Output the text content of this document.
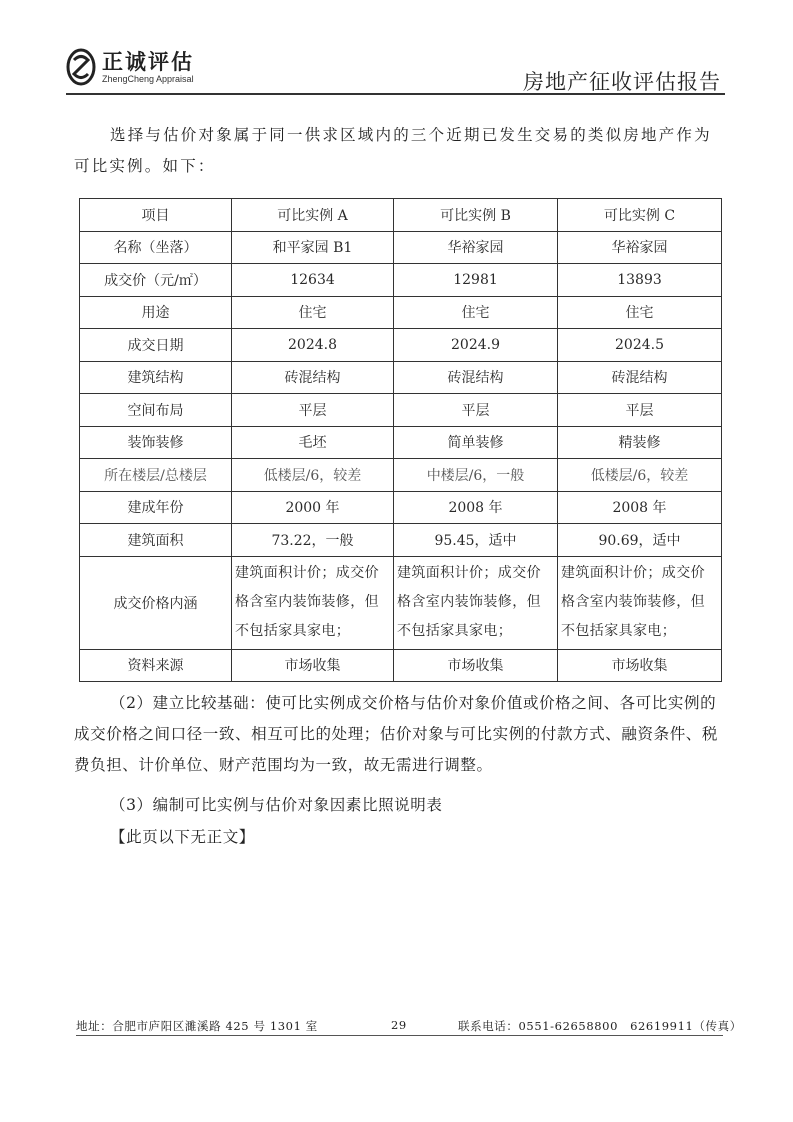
正诚评估
ZhengCheng Appraisal	房地产征收评估报告
选择与估价对象属于同一供求区域内的三个近期已发生交易的类似房地产作为可比实例。如下：
项目	可比实例 A	可比实例 B	可比实例 C
名称（坐落）	和平家园 B1	华裕家园	华裕家园
成交价（元/㎡）	12634	12981	13893
用途	住宅	住宅	住宅
成交日期	2024.8	2024.9	2024.5
建筑结构	砖混结构	砖混结构	砖混结构
空间布局	平层	平层	平层
装饰装修	毛坯	简单装修	精装修
所在楼层/总楼层	低楼层/6，较差	中楼层/6，一般	低楼层/6，较差
建成年份	2000 年	2008 年	2008 年
建筑面积	73.22，一般	95.45，适中	90.69，适中
成交价格内涵	建筑面积计价；成交价格含室内装饰装修，但不包括家具家电；	建筑面积计价；成交价格含室内装饰装修，但不包括家具家电；	建筑面积计价；成交价格含室内装饰装修，但不包括家具家电；
资料来源	市场收集	市场收集	市场收集
（2）建立比较基础：使可比实例成交价格与估价对象价值或价格之间、各可比实例的成交价格之间口径一致、相互可比的处理；估价对象与可比实例的付款方式、融资条件、税费负担、计价单位、财产范围均为一致，故无需进行调整。
（3）编制可比实例与估价对象因素比照说明表
【此页以下无正文】
地址：合肥市庐阳区濉溪路 425 号 1301 室	29	联系电话：0551-62658800　62619911（传真）
